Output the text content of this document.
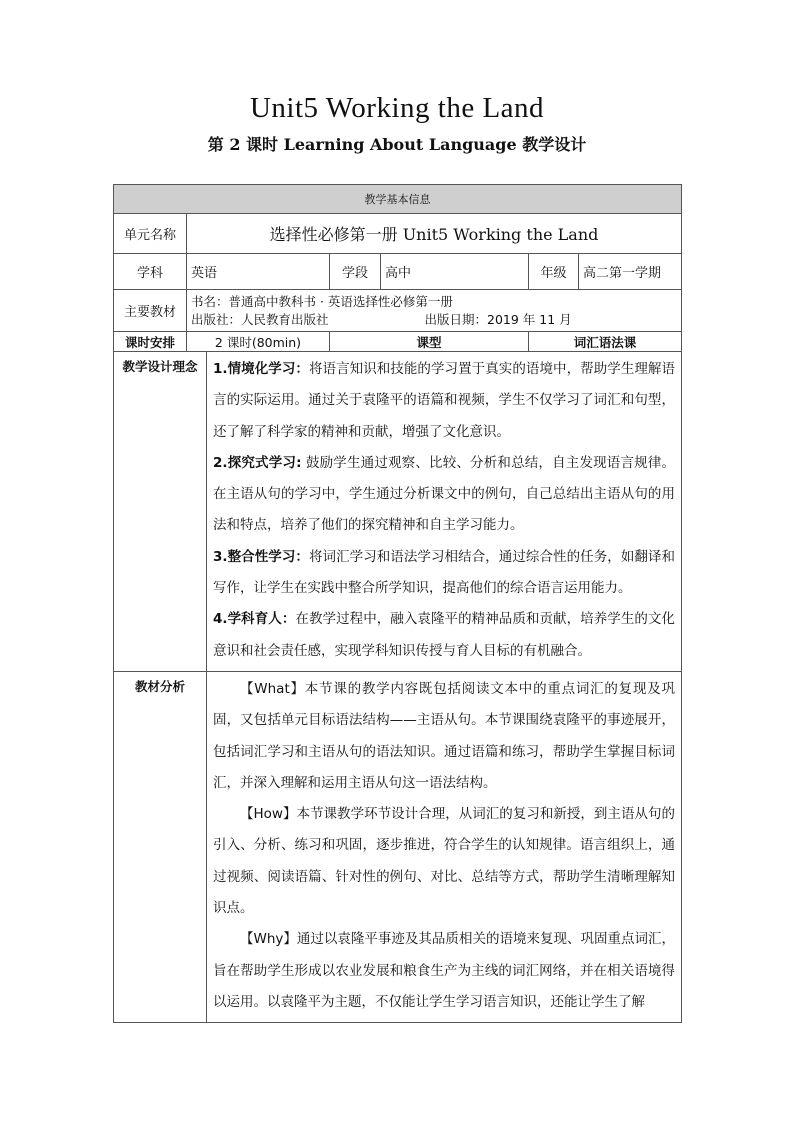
Unit5 Working the Land
第 2 课时 Learning About Language 教学设计
教学基本信息						
单元名称	选择性必修第一册 Unit5 Working the Land					
学科	英语		学段	高中	年级	高二第一学期
主要教材	书名：普通高中教科书 · 英语选择性必修第一册
出版社：人民教育出版社 出版日期：2019 年 11 月					

课时安排	2 课时(80min)		课型		词汇语法课	
教学设计理念		1.情境化学习：将语言知识和技能的学习置于真实的语境中，帮助学生理解语言的实际运用。通过关于袁隆平的语篇和视频，学生不仅学习了词汇和句型，还了解了科学家的精神和贡献，增强了文化意识。

2.探究式学习: 鼓励学生通过观察、比较、分析和总结，自主发现语言规律。在主语从句的学习中，学生通过分析课文中的例句，自己总结出主语从句的用法和特点，培养了他们的探究精神和自主学习能力。

3.整合性学习：将词汇学习和语法学习相结合，通过综合性的任务，如翻译和写作，让学生在实践中整合所学知识，提高他们的综合语言运用能力。

4.学科育人：在教学过程中，融入袁隆平的精神品质和贡献，培养学生的文化意识和社会责任感，实现学科知识传授与育人目标的有机融合。				

教材分析		【What】本节课的教学内容既包括阅读文本中的重点词汇的复现及巩固，又包括单元目标语法结构——主语从句。本节课围绕袁隆平的事迹展开，包括词汇学习和主语从句的语法知识。通过语篇和练习，帮助学生掌握目标词汇，并深入理解和运用主语从句这一语法结构。

【How】本节课教学环节设计合理，从词汇的复习和新授，到主语从句的引入、分析、练习和巩固，逐步推进，符合学生的认知规律。语言组织上，通过视频、阅读语篇、针对性的例句、对比、总结等方式，帮助学生清晰理解知识点。

【Why】通过以袁隆平事迹及其品质相关的语境来复现、巩固重点词汇，旨在帮助学生形成以农业发展和粮食生产为主线的词汇网络，并在相关语境得以运用。以袁隆平为主题，不仅能让学生学习语言知识，还能让学生了解				
